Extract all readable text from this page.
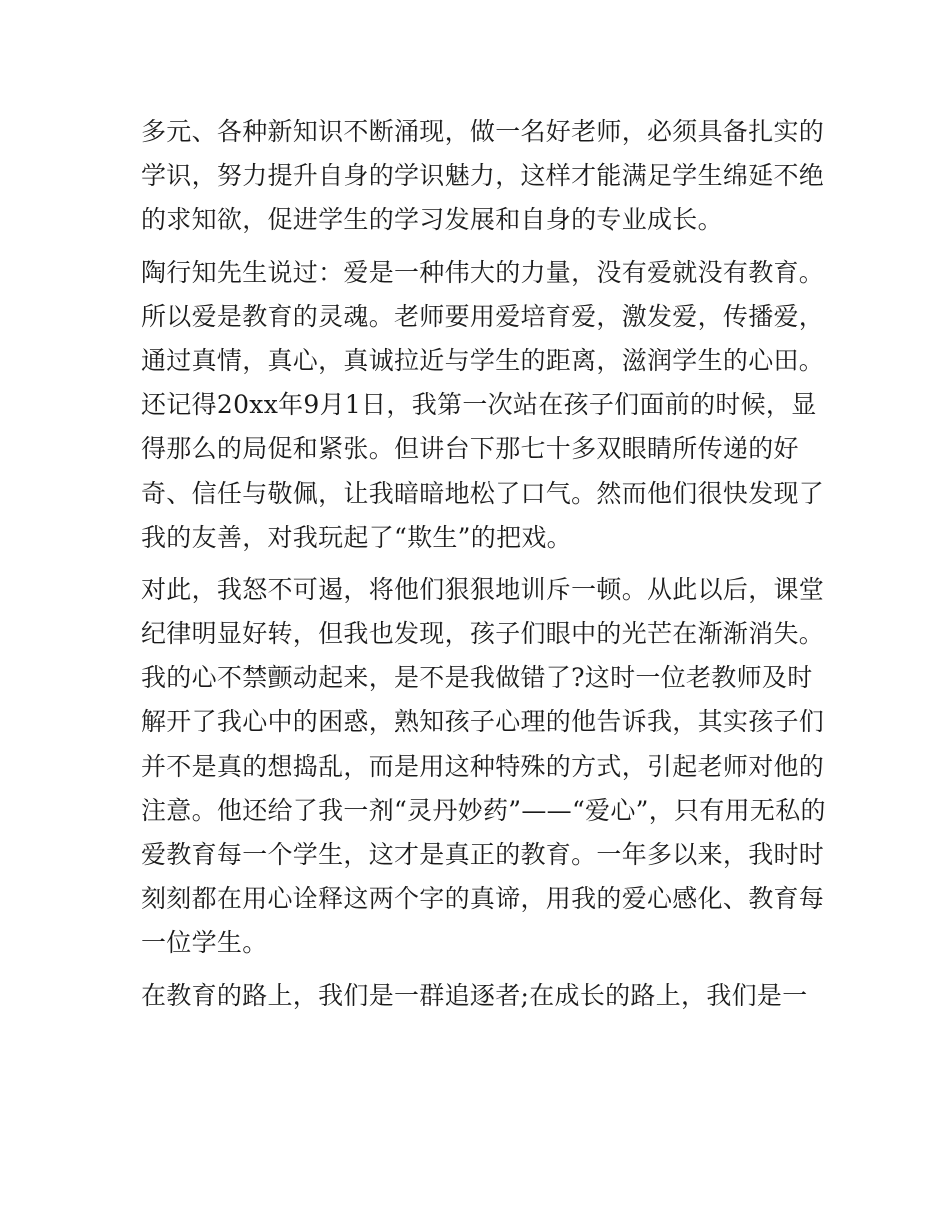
多元、各种新知识不断涌现，做一名好老师，必须具备扎实的
学识，努力提升自身的学识魅力，这样才能满足学生绵延不绝
的求知欲，促进学生的学习发展和自身的专业成长。
陶行知先生说过：爱是一种伟大的力量，没有爱就没有教育。
所以爱是教育的灵魂。老师要用爱培育爱，激发爱，传播爱，
通过真情，真心，真诚拉近与学生的距离，滋润学生的心田。
还记得20xx年9月1日，我第一次站在孩子们面前的时候，显
得那么的局促和紧张。但讲台下那七十多双眼睛所传递的好
奇、信任与敬佩，让我暗暗地松了口气。然而他们很快发现了
我的友善，对我玩起了“欺生”的把戏。
对此，我怒不可遏，将他们狠狠地训斥一顿。从此以后，课堂
纪律明显好转，但我也发现，孩子们眼中的光芒在渐渐消失。
我的心不禁颤动起来，是不是我做错了?这时一位老教师及时
解开了我心中的困惑，熟知孩子心理的他告诉我，其实孩子们
并不是真的想捣乱，而是用这种特殊的方式，引起老师对他的
注意。他还给了我一剂“灵丹妙药”——“爱心”，只有用无私的
爱教育每一个学生，这才是真正的教育。一年多以来，我时时
刻刻都在用心诠释这两个字的真谛，用我的爱心感化、教育每
一位学生。
在教育的路上，我们是一群追逐者;在成长的路上，我们是一
